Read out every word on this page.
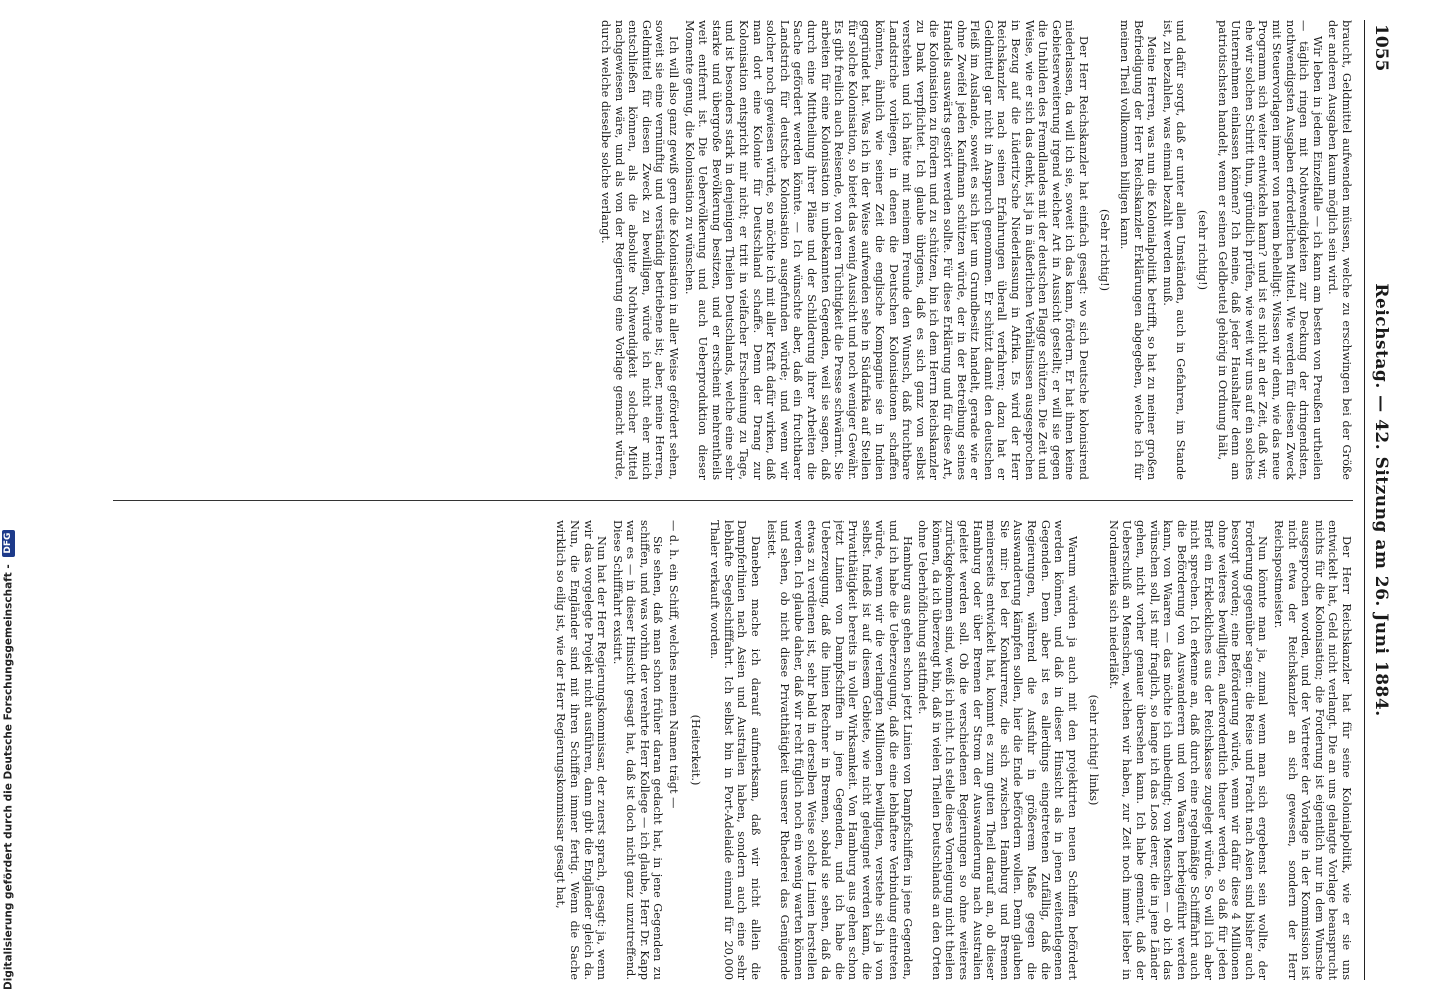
Reichstag. — 42. Sitzung am 26. Juni 1884.
1055

braucht, Geldmittel aufwenden müssen, welche zu erschwingen bei der Größe der anderen Ausgaben kaum möglich sein wird.

Wir leben in jedem Einzelfalle — ich kann am besten von Preußen urtheilen — täglich ringen mit Nothwendigkeiten zur Deckung der dringendsten, nothwendigsten Ausgaben erforderlichen Mittel. Wie werden für diesen Zweck mit Steuervorlagen immer von neuem behelligt: Wissen wir denn, wie das neue Programm sich weiter entwickeln kann? und ist es nicht an der Zeit, daß wir, ehe wir solchen Schritt thun, gründlich prüfen, wie weit wir uns auf ein solches Unternehmen einlassen können? Ich meine, daß jeder Haushalter denn am patriotischsten handelt, wenn er seinen Geldbeutel gehörig in Ordnung hält,

(sehr richtig!)

und dafür sorgt, daß er unter allen Umständen, auch in Gefahren, im Stande ist, zu bezahlen, was einmal bezahlt werden muß.

Meine Herren, was nun die Kolonialpolitik betrifft, so hat zu meiner großen Befriedigung der Herr Reichskanzler Erklärungen abgegeben, welche ich für meinen Theil vollkommen billigen kann.

(Sehr richtig!)

Der Herr Reichskanzler hat einfach gesagt: wo sich Deutsche kolonisirend niederlassen, da will ich sie, soweit ich das kann, fördern. Er hat ihnen keine Gebietserweiterung irgend welcher Art in Aussicht gestellt; er will sie gegen die Unbilden des Fremdlandes mit der deutschen Flagge schützen. Die Zeit und Weise, wie er sich das denkt, ist ja in äußerlichen Verhältnissen ausgesprochen in Bezug auf die Lüderitz'sche Niederlassung in Afrika. Es wird der Herr Reichskanzler nach seinen Erfahrungen überall verfahren; dazu hat er Geldmittel gar nicht in Anspruch genommen. Er schützt damit den deutschen Fleiß im Auslande, soweit es sich hier um Grundbesitz handelt, gerade wie er ohne Zweifel jeden Kaufmann schützen würde, der in der Betreibung seines Handels auswärts gestört werden sollte. Für diese Erklärung und für diese Art, die Kolonisation zu fördern und zu schützen, bin ich dem Herrn Reichskanzler zu Dank verpflichtet. Ich glaube übrigens, daß es sich ganz von selbst verstehen und ich hätte mit meinem Freunde den Wunsch, daß fruchtbare Landstriche vorliegen, in denen die Deutschen Kolonisationen schaffen könnten, ähnlich wie seiner Zeit die englische Kompagnie sie in Indien gegründet hat. Was ich in der Weise aufwenden sehe in Südafrika auf Stellen für solche Kolonisation, so bietet das wenig Aussicht und noch weniger Gewähr. Es gibt freilich auch Reisende, von deren Tüchtigkeit die Presse schwärmt. Sie arbeiten für eine Kolonisation in unbekannten Gegenden, weil sie sagen, daß durch eine Mittheilung ihrer Pläne und der Schilderung ihrer Arbeiten die Sache gefördert werden könnte. — Ich wünschte aber, daß ein fruchtbarer Landstrich für deutsche Kolonisation ausgefunden würde; und wenn wir solcher noch gewiesen würde, so möchte ich mit aller Kraft dafür wirken, daß man dort eine Kolonie für Deutschland schaffe. Denn der Drang zur Kolonisation entspricht mir nicht; er tritt in vielfacher Erscheinung zu Tage, und ist besonders stark in denjenigen Theilen Deutschlands, welche eine sehr starke und übergroße Bevölkerung besitzen, und er erscheint mehrentheils weit entfernt ist. Die Uebervölkerung und auch Ueberproduktion dieser Momente genug, die Kolonisation zu wünschen.

Ich will also ganz gewiß gern die Kolonisation in aller Weise gefördert sehen, soweit sie eine vernünftig und verständig betriebene ist; aber, meine Herren, Geldmittel für diesen Zweck zu bewilligen, würde ich nicht eher mich entschließen können, als die absolute Nothwendigkeit solcher Mittel nachgewiesen wäre, und als von der Regierung eine Vorlage gemacht würde, durch welche dieselbe solche verlangt.

Der Herr Reichskanzler hat für seine Kolonialpolitik, wie er sie uns entwickelt hat, Geld nicht verlangt. Die an uns gelangte Vorlage beansprucht nichts für die Kolonisation; die Forderung ist eigentlich nur in dem Wunsche ausgesprochen worden, und der Vertreter der Vorlage in der Kommission ist nicht etwa der Reichskanzler an sich gewesen, sondern der Herr Reichspostmeister.

Nun könnte man ja, zumal wenn man sich ergebenst sein wollte, der Forderung gegenüber sagen: die Reise und Fracht nach Asien sind bisher auch besorgt worden; eine Beförderung würde, wenn wir dafür diese 4 Millionen ohne weiteres bewilligten, außerordentlich theuer werden, so daß für jeden Brief ein Erkleckliches aus der Reichskasse zugelegt würde. So will ich aber nicht sprechen. Ich erkenne an, daß durch eine regelmäßige Schifffahrt auch die Beförderung von Auswanderern und von Waaren herbeigeführt werden kann, von Waaren — das möchte ich unbedingt; von Menschen — ob ich das wünschen soll, ist mir fraglich, so lange ich das Loos derer, die in jene Länder gehen, nicht vorher genauer übersehen kann. Ich habe gemeint, daß der Ueberschuß an Menschen, welchen wir haben, zur Zeit noch immer lieber in Nordamerika sich niederläßt.

(sehr richtig! links)

Warum würden ja auch mit den projektirten neuen Schiffen befördert werden können, und daß in dieser Hinsicht als in jenen weitentlegenen Gegenden. Denn aber ist es allerdings eingetretenen Zufällig, daß die Regierungen, während die Ausfuhr in größerem Maße gegen die Auswanderung kämpfen sollen, hier die Ende befördern wollen. Denn glauben Sie mir: bei der Konkurrenz, die sich zwischen Hamburg und Bremen meinerseits entwickelt hat, kommt es zum guten Theil darauf an, ob dieser Hamburg oder über Bremen der Strom der Auswanderung nach Australien geleitet werden soll. Ob die verschiedenen Regierungen so ohne weiteres zurückgekommen sind, weiß ich nicht. Ich stelle diese Vorneigung nicht theilen können, da ich überzeugt bin, daß in vielen Theilen Deutschlands an den Orten ohne Ueberhöflichung stattfindet.

Hamburg aus gehen schon jetzt Linien von Dampfschiffen in jene Gegenden, und ich habe die Ueberzeugung, daß die eine lebhaftere Verbindung eintreten würde, wenn wir die verlangten Millionen bewilligten, verstehe sich ja von selbst. Indeß ist auf diesem Gebiete, wie nicht geleugnet werden kann, die Privatthätigkeit bereits in voller Wirksamkeit. Von Hamburg aus gehen schon jetzt Linien von Dampfschiffen in jene Gegenden, und ich habe die Ueberzeugung, daß die linien Rechner in Bremen, sobald sie sehen, daß da etwas zu verdienen ist, sehr bald in derselben Weise solche Linien herstellen werden. Ich glaube daher, daß wir recht füglich noch ein wenig warten können und sehen, ob nicht diese Privatthätigkeit unserer Rhederei das Genügende leistet.

Daneben mache ich darauf aufmerksam, daß wir nicht allein die Dampferlinien nach Asien und Australien haben, sondern auch eine sehr lebhafte Segelschifffahrt. Ich selbst bin in Port-Adelaide einmal für 20,000 Thaler verkauft worden.

(Heiterkeit.)

— d. h. ein Schiff, welches meinen Namen trägt —

Sie sehen, daß man schon früher daran gedacht hat, in jene Gegenden zu schiffen, und was vorhin der verehrte Herr Kollege — ich glaube, Herr Dr. Kapp war es — in dieser Hinsicht gesagt hat, daß ist doch nicht ganz unzutreffend. Diese Schifffahrt existirt.

Nun hat der Herr Regierungskommissar, der zuerst sprach, gesagt: ja, wenn wir das vorgelegte Projekt nicht ausführen, dann gibt die Engländer gleich da. Nun, die Engländer sind mit ihren Schiffen immer fertig. Wenn die Sache wirklich so eilig ist, wie der Herr Regierungskommissar gesagt hat,

Digitalisierung gefördert durch die Deutsche Forschungsgemeinschaft - DFG
